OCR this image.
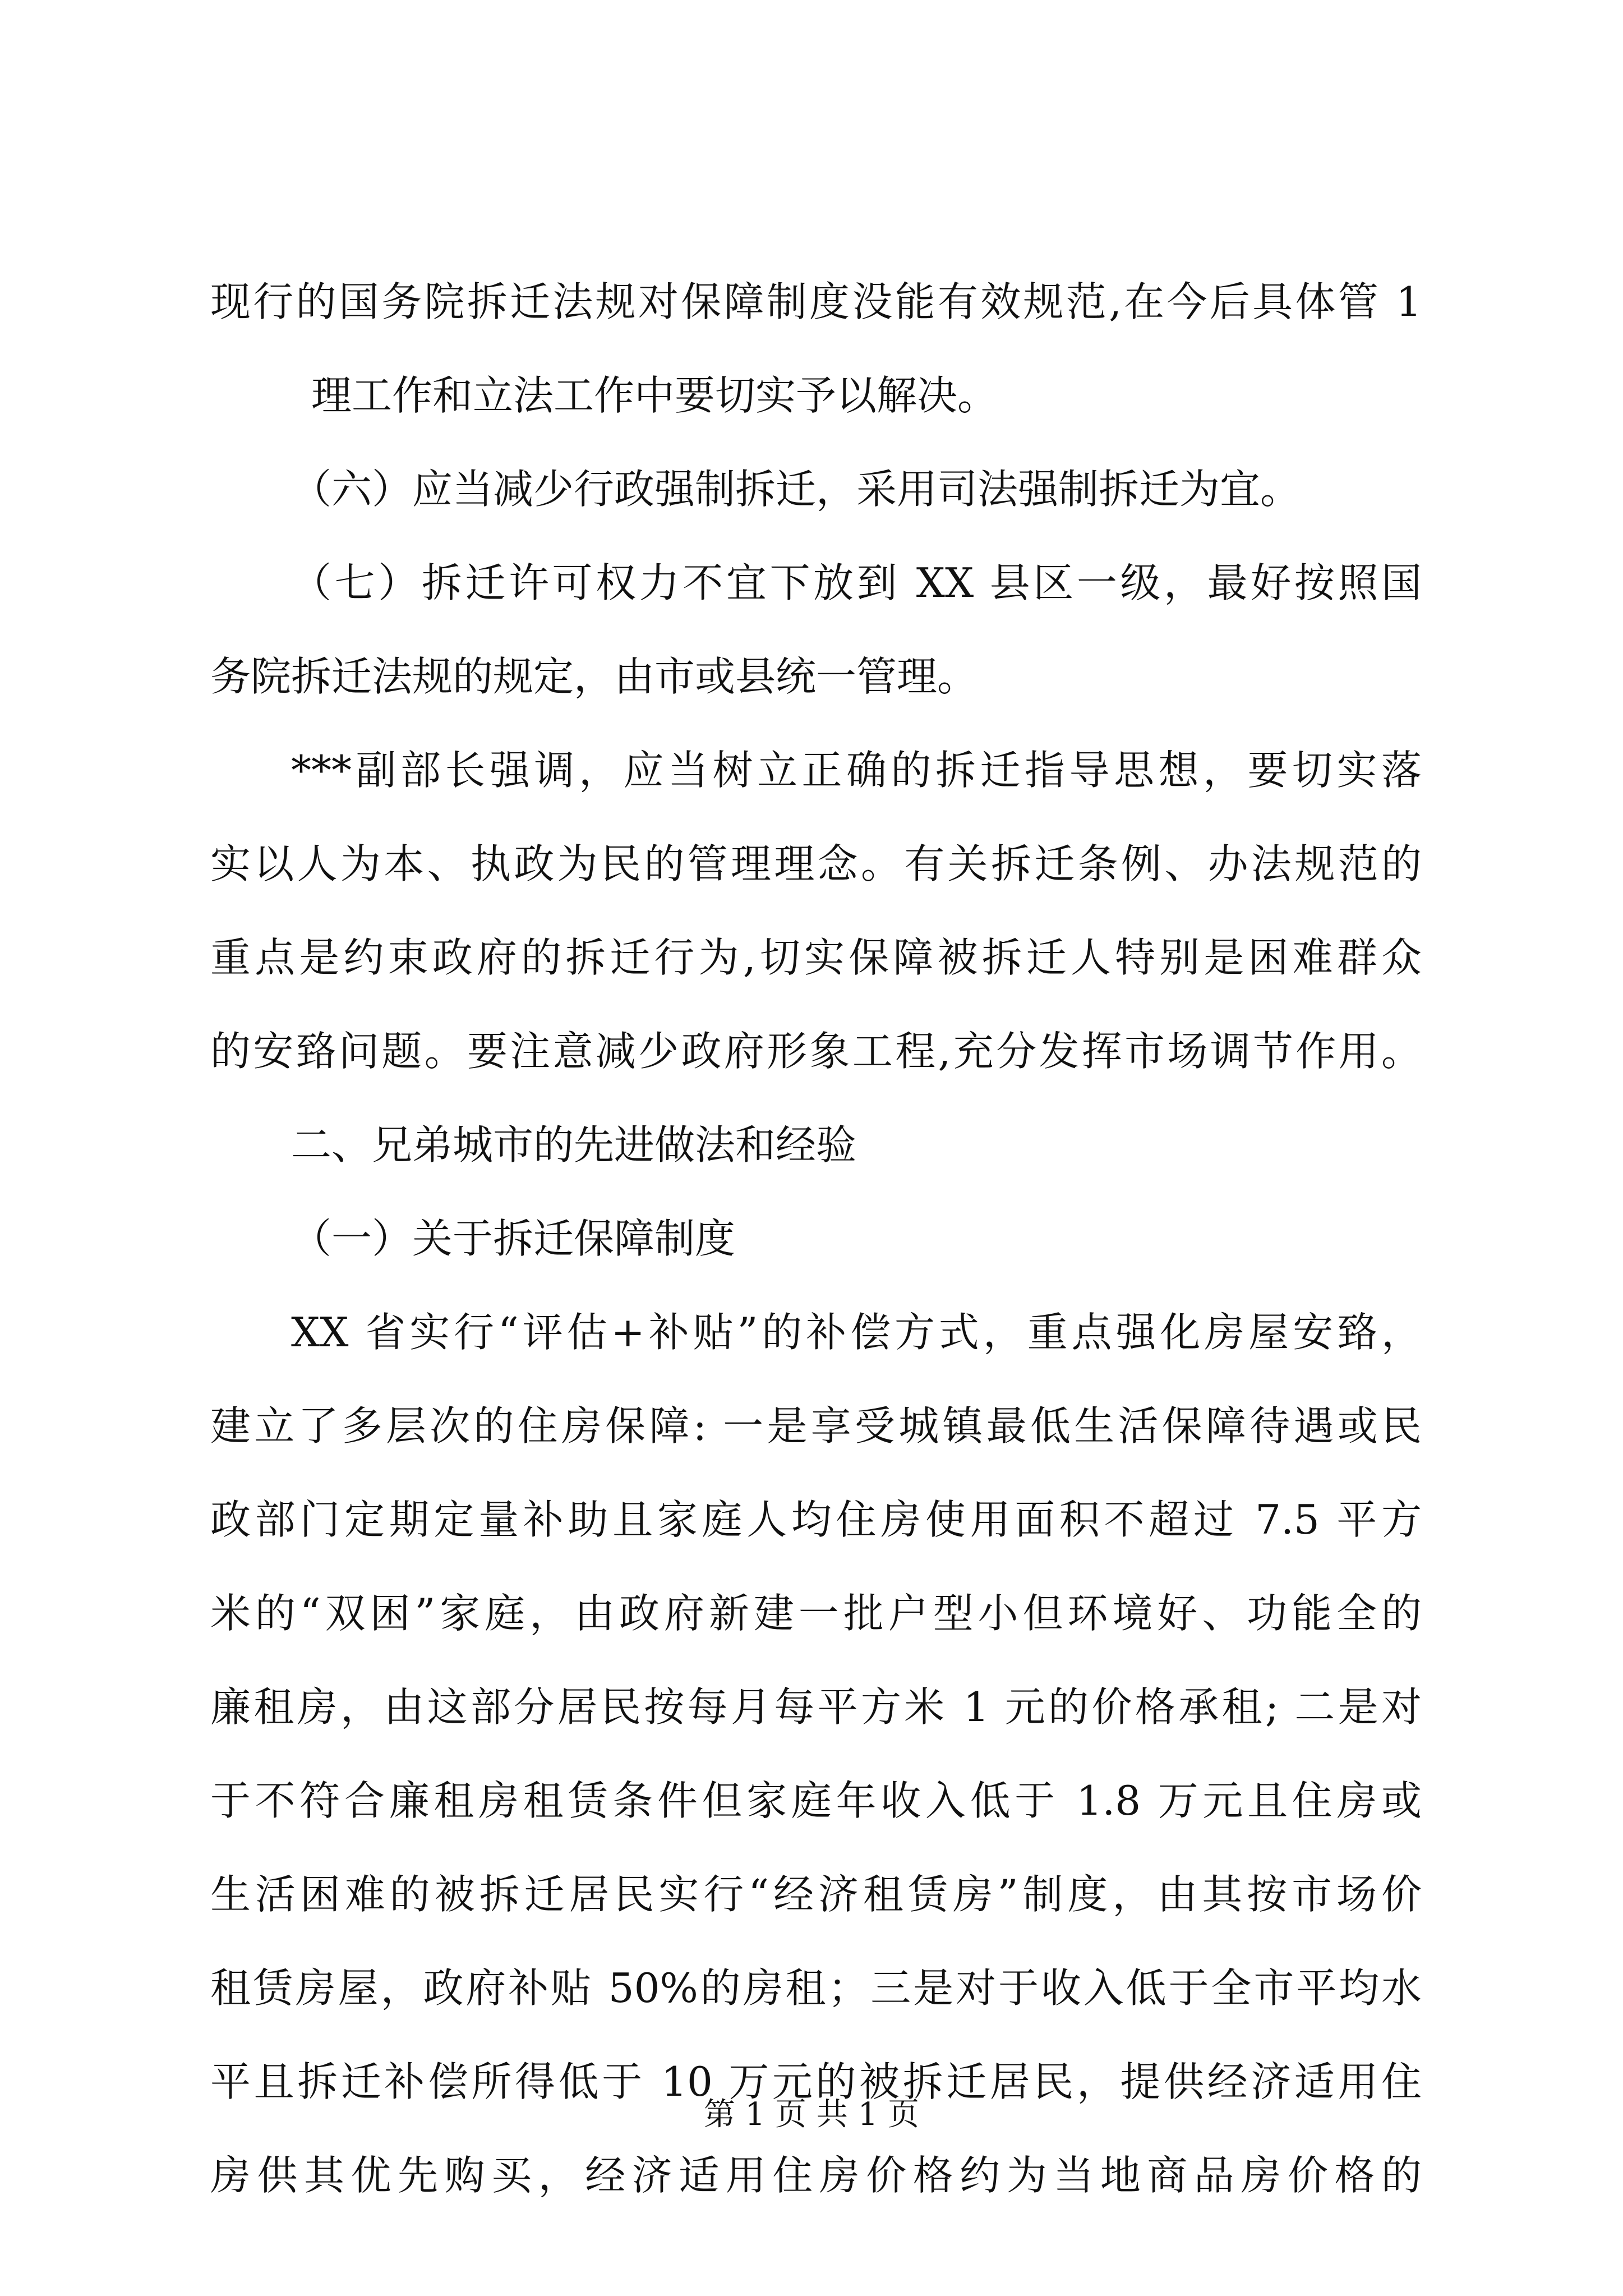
现行的国务院拆迁法规对保障制度没能有效规范,在今后具体管 1
理工作和立法工作中要切实予以解决。
（六）应当减少行政强制拆迁，采用司法强制拆迁为宜。
（七）拆迁许可权力不宜下放到 XX 县区一级，最好按照国
务院拆迁法规的规定，由市或县统一管理。
***副部长强调，应当树立正确的拆迁指导思想，要切实落
实以人为本、执政为民的管理理念。有关拆迁条例、办法规范的
重点是约束政府的拆迁行为,切实保障被拆迁人特别是困难群众
的安臵问题。要注意减少政府形象工程,充分发挥市场调节作用。
二、兄弟城市的先进做法和经验
（一）关于拆迁保障制度
XX 省实行“评估+补贴”的补偿方式，重点强化房屋安臵，
建立了多层次的住房保障: 一是享受城镇最低生活保障待遇或民
政部门定期定量补助且家庭人均住房使用面积不超过 7.5 平方
米的“双困”家庭，由政府新建一批户型小但环境好、功能全的
廉租房，由这部分居民按每月每平方米 1 元的价格承租; 二是对
于不符合廉租房租赁条件但家庭年收入低于 1.8 万元且住房或
生活困难的被拆迁居民实行“经济租赁房”制度，由其按市场价
租赁房屋，政府补贴 50%的房租；三是对于收入低于全市平均水
平且拆迁补偿所得低于 10 万元的被拆迁居民，提供经济适用住
房供其优先购买，经济适用住房价格约为当地商品房价格的
第 1 页 共 1 页
